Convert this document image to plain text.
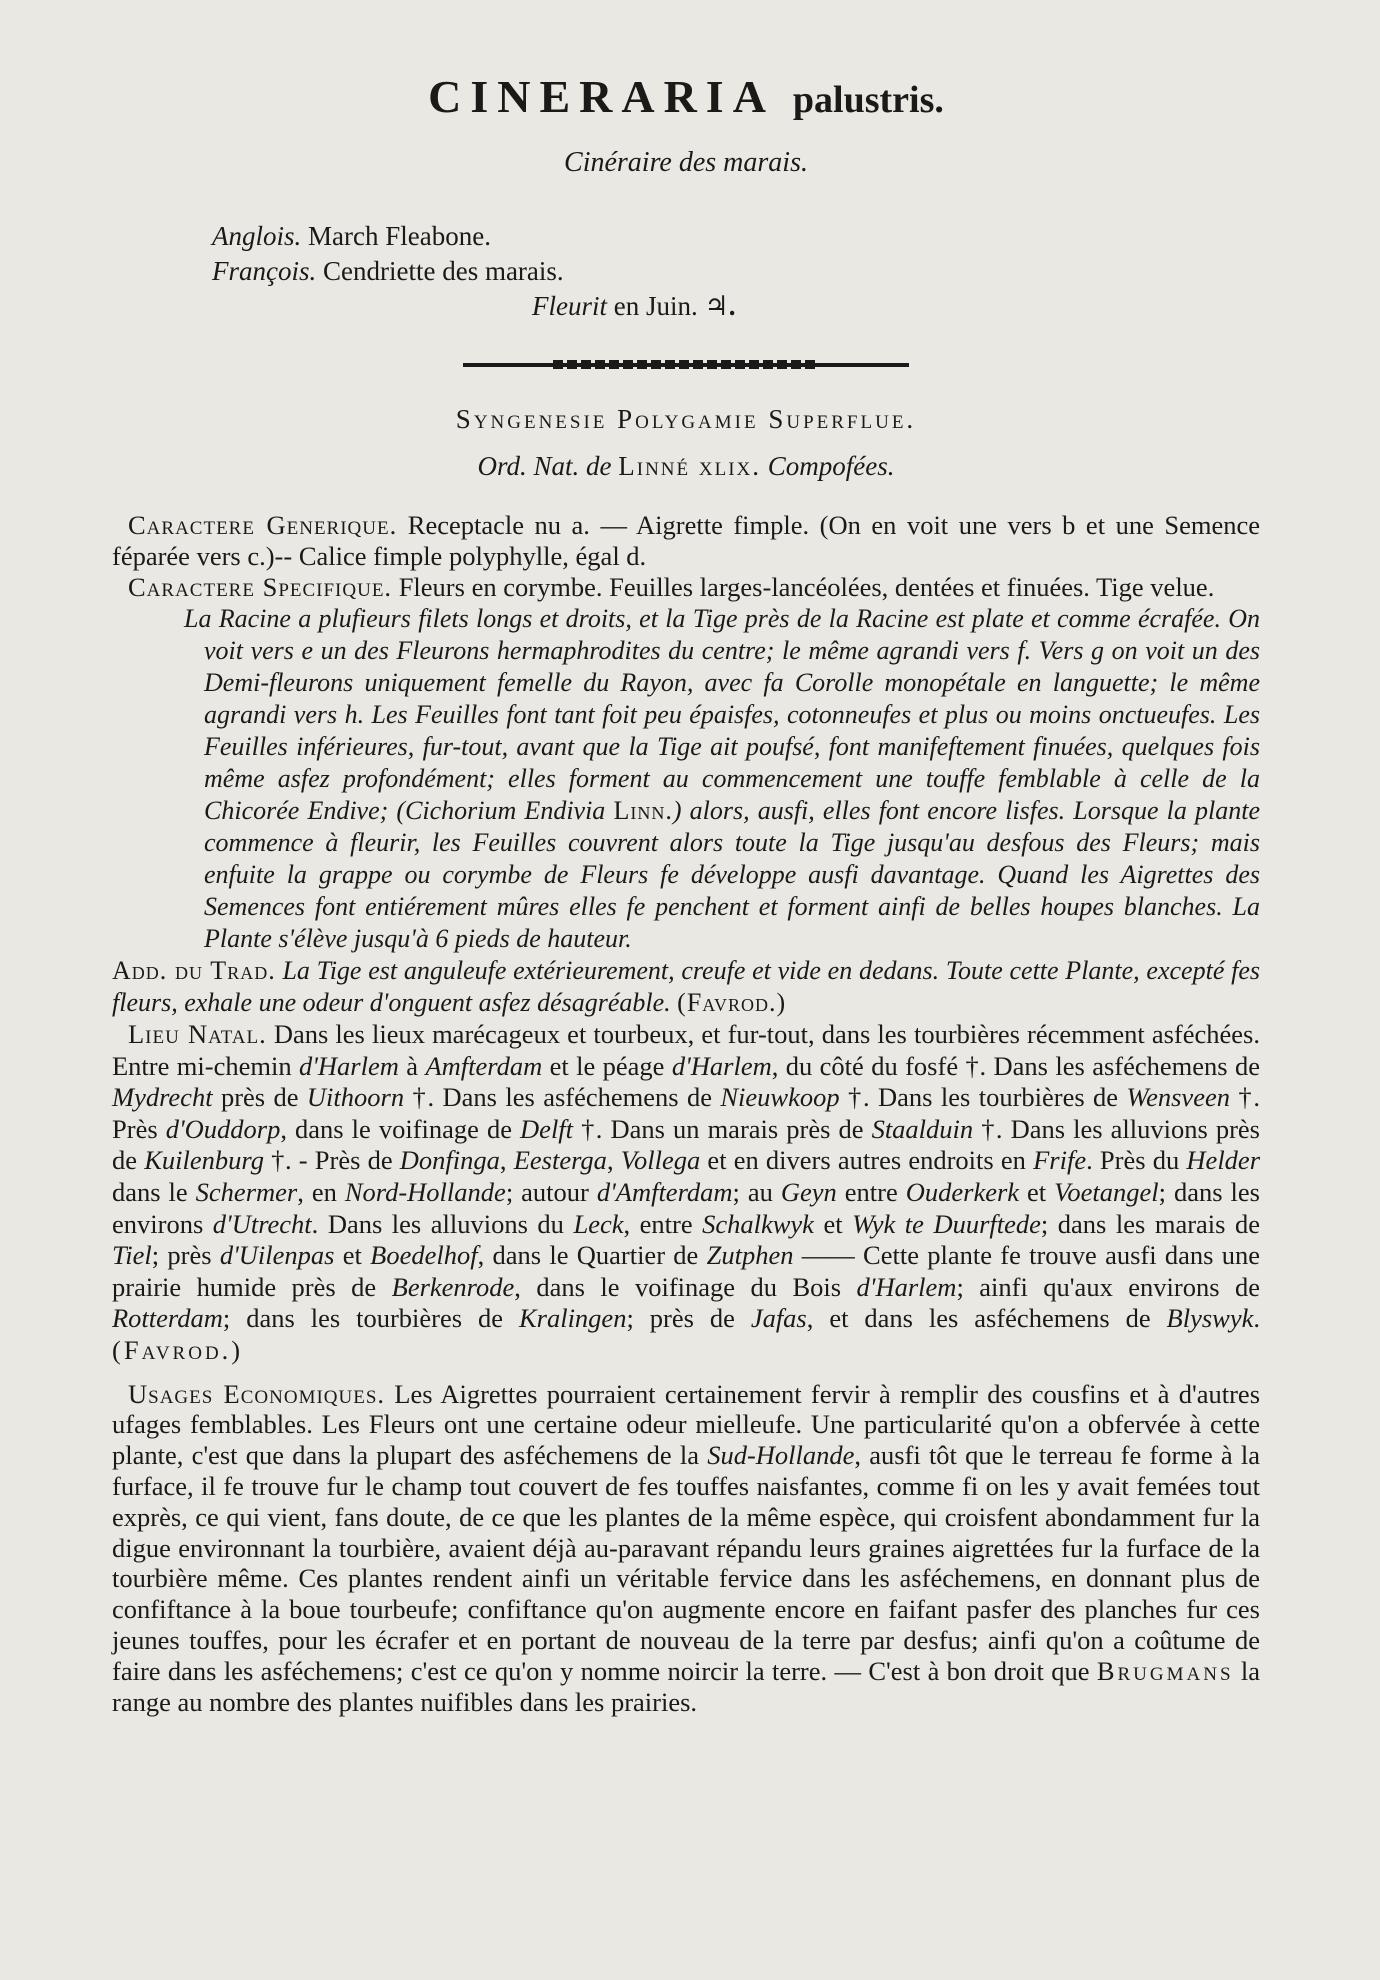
CINERARIA palustris.
Cinéraire des marais.
Anglois. March Fleabone.
François. Cendriette des marais.
Fleurit en Juin. ♃.
Syngenesie Polygamie Superflue.
Ord. Nat. de Linné xlix. Compofées.

Caractere Generique. Receptacle nu a. — Aigrette fimple. (On en voit une vers b et une Semence féparée vers c.)-- Calice fimple polyphylle, égal d.

Caractere Specifique. Fleurs en corymbe. Feuilles larges-lancéolées, dentées et finuées. Tige velue.

La Racine a plufieurs filets longs et droits, et la Tige près de la Racine est plate et comme écrafée. On voit vers e un des Fleurons hermaphrodites du centre; le même agrandi vers f. Vers g on voit un des Demi-fleurons uniquement femelle du Rayon, avec fa Corolle monopétale en languette; le même agrandi vers h. Les Feuilles font tant foit peu épaisfes, cotonneufes et plus ou moins onctueufes. Les Feuilles inférieures, fur-tout, avant que la Tige ait poufsé, font manifeftement finuées, quelques fois même asfez profondément; elles forment au commencement une touffe femblable à celle de la Chicorée Endive; (Cichorium Endivia Linn.) alors, ausfi, elles font encore lisfes. Lorsque la plante commence à fleurir, les Feuilles couvrent alors toute la Tige jusqu'au desfous des Fleurs; mais enfuite la grappe ou corymbe de Fleurs fe développe ausfi davantage. Quand les Aigrettes des Semences font entiérement mûres elles fe penchent et forment ainfi de belles houpes blanches. La Plante s'élève jusqu'à 6 pieds de hauteur.

Add. du Trad. La Tige est anguleufe extérieurement, creufe et vide en dedans. Toute cette Plante, excepté fes fleurs, exhale une odeur d'onguent asfez désagréable. (Favrod.)

Lieu Natal. Dans les lieux marécageux et tourbeux, et fur-tout, dans les tourbières récemment asféchées. Entre mi-chemin d'Harlem à Amfterdam et le péage d'Harlem, du côté du fosfé †. Dans les asféchemens de Mydrecht près de Uithoorn †. Dans les asféchemens de Nieuwkoop †. Dans les tourbières de Wensveen †. Près d'Ouddorp, dans le voifinage de Delft †. Dans un marais près de Staalduin †. Dans les alluvions près de Kuilenburg †. - Près de Donfinga, Eesterga, Vollega et en divers autres endroits en Frife. Près du Helder dans le Schermer, en Nord-Hollande; autour d'Amfterdam; au Geyn entre Ouderkerk et Voetangel; dans les environs d'Utrecht. Dans les alluvions du Leck, entre Schalkwyk et Wyk te Duurftede; dans les marais de Tiel; près d'Uilenpas et Boedelhof, dans le Quartier de Zutphen —— Cette plante fe trouve ausfi dans une prairie humide près de Berkenrode, dans le voifinage du Bois d'Harlem; ainfi qu'aux environs de Rotterdam; dans les tourbières de Kralingen; près de Jafas, et dans les asféchemens de Blyswyk. (Favrod.)

Usages Economiques. Les Aigrettes pourraient certainement fervir à remplir des cousfins et à d'autres ufages femblables. Les Fleurs ont une certaine odeur mielleufe. Une particularité qu'on a obfervée à cette plante, c'est que dans la plupart des asféchemens de la Sud-Hollande, ausfi tôt que le terreau fe forme à la furface, il fe trouve fur le champ tout couvert de fes touffes naisfantes, comme fi on les y avait femées tout exprès, ce qui vient, fans doute, de ce que les plantes de la même espèce, qui croisfent abondamment fur la digue environnant la tourbière, avaient déjà au-paravant répandu leurs graines aigrettées fur la furface de la tourbière même. Ces plantes rendent ainfi un véritable fervice dans les asféchemens, en donnant plus de confiftance à la boue tourbeufe; confiftance qu'on augmente encore en faifant pasfer des planches fur ces jeunes touffes, pour les écrafer et en portant de nouveau de la terre par desfus; ainfi qu'on a coûtume de faire dans les asféchemens; c'est ce qu'on y nomme noircir la terre. — C'est à bon droit que Brugmans la range au nombre des plantes nuifibles dans les prairies.
